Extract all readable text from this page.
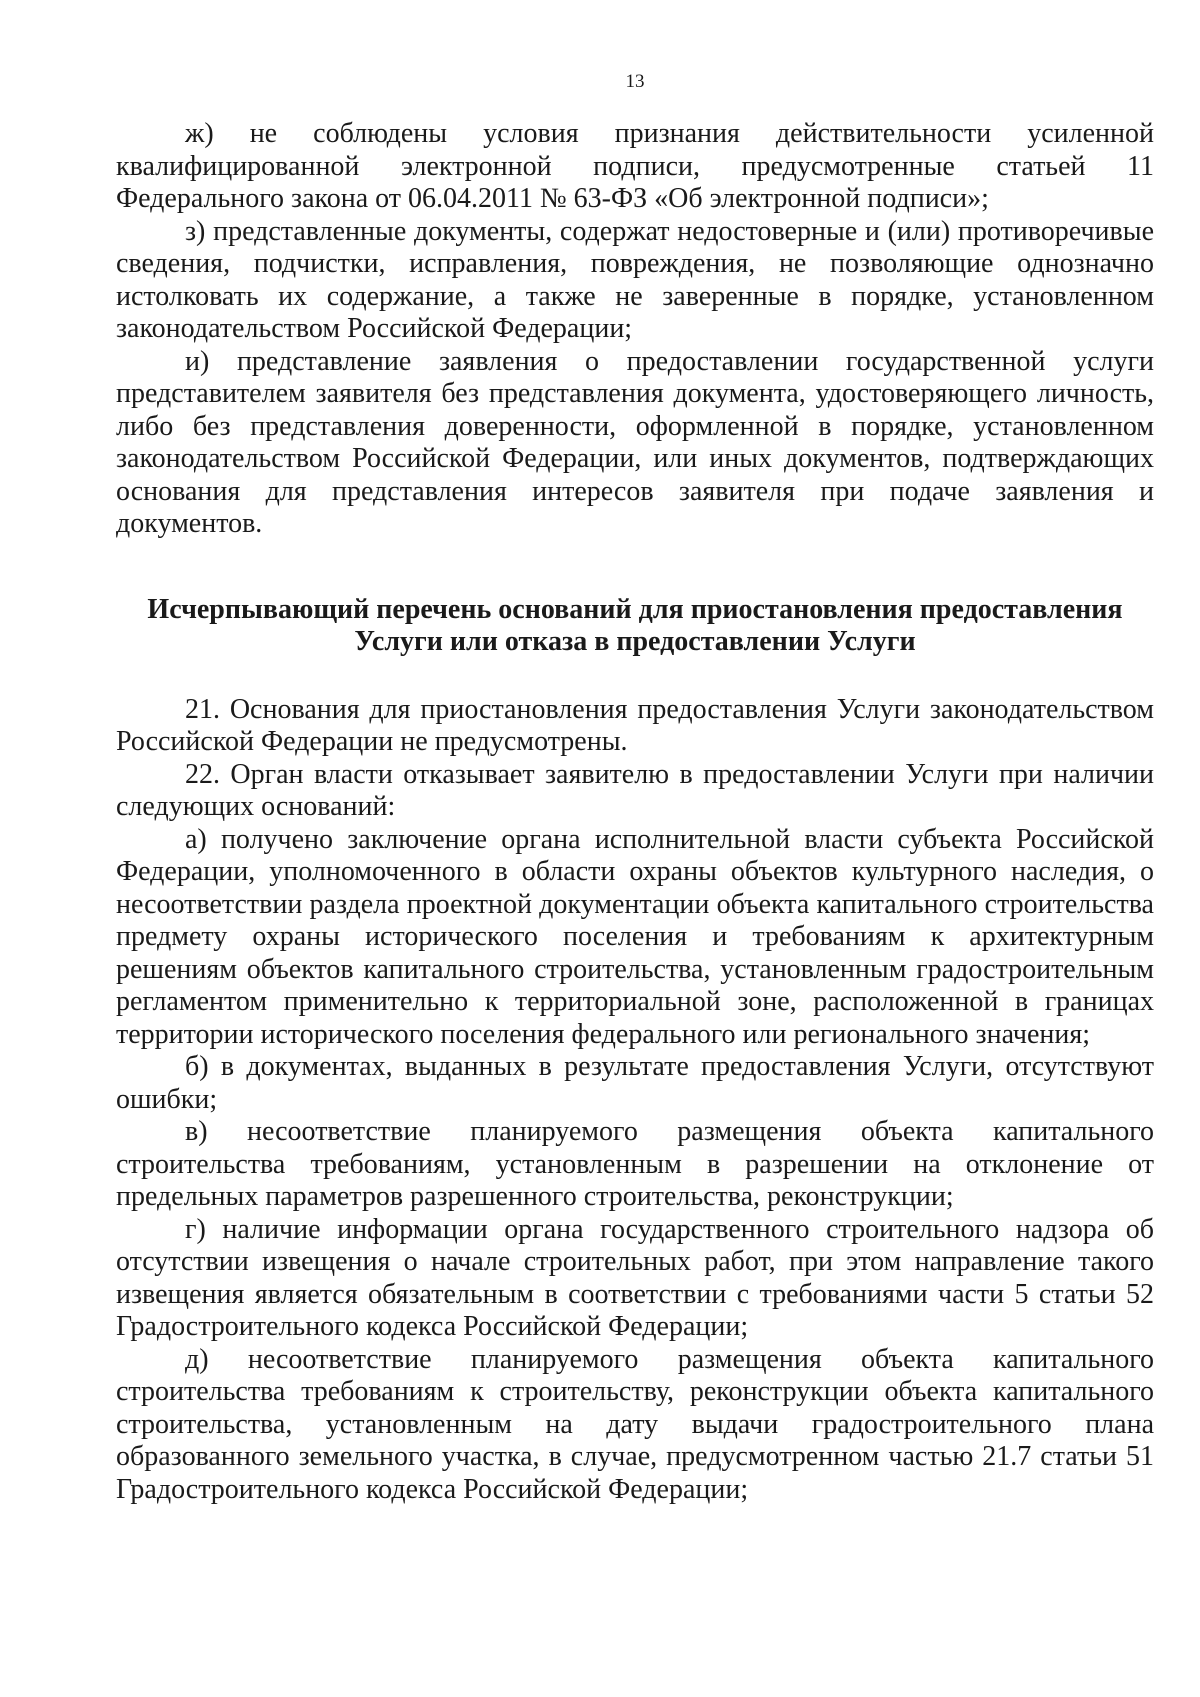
13

ж) не соблюдены условия признания действительности усиленной квалифицированной электронной подписи, предусмотренные статьей 11 Федерального закона от 06.04.2011 № 63-ФЗ «Об электронной подписи»;

з) представленные документы, содержат недостоверные и (или) противоречивые сведения, подчистки, исправления, повреждения, не позволяющие однозначно истолковать их содержание, а также не заверенные в порядке, установленном законодательством Российской Федерации;

и) представление заявления о предоставлении государственной услуги представителем заявителя без представления документа, удостоверяющего личность, либо без представления доверенности, оформленной в порядке, установленном законодательством Российской Федерации, или иных документов, подтверждающих основания для представления интересов заявителя при подаче заявления и документов.

Исчерпывающий перечень оснований для приостановления предоставления
Услуги или отказа в предоставлении Услуги

21. Основания для приостановления предоставления Услуги законодательством Российской Федерации не предусмотрены.

22. Орган власти отказывает заявителю в предоставлении Услуги при наличии следующих оснований:

а) получено заключение органа исполнительной власти субъекта Российской Федерации, уполномоченного в области охраны объектов культурного наследия, о несоответствии раздела проектной документации объекта капитального строительства предмету охраны исторического поселения и требованиям к архитектурным решениям объектов капитального строительства, установленным градостроительным регламентом применительно к территориальной зоне, расположенной в границах территории исторического поселения федерального или регионального значения;

б) в документах, выданных в результате предоставления Услуги, отсутствуют ошибки;

в) несоответствие планируемого размещения объекта капитального строительства требованиям, установленным в разрешении на отклонение от предельных параметров разрешенного строительства, реконструкции;

г) наличие информации органа государственного строительного надзора об отсутствии извещения о начале строительных работ, при этом направление такого извещения является обязательным в соответствии с требованиями части 5 статьи 52 Градостроительного кодекса Российской Федерации;

д) несоответствие планируемого размещения объекта капитального строительства требованиям к строительству, реконструкции объекта капитального строительства, установленным на дату выдачи градостроительного плана образованного земельного участка, в случае, предусмотренном частью 21.7 статьи 51 Градостроительного кодекса Российской Федерации;
